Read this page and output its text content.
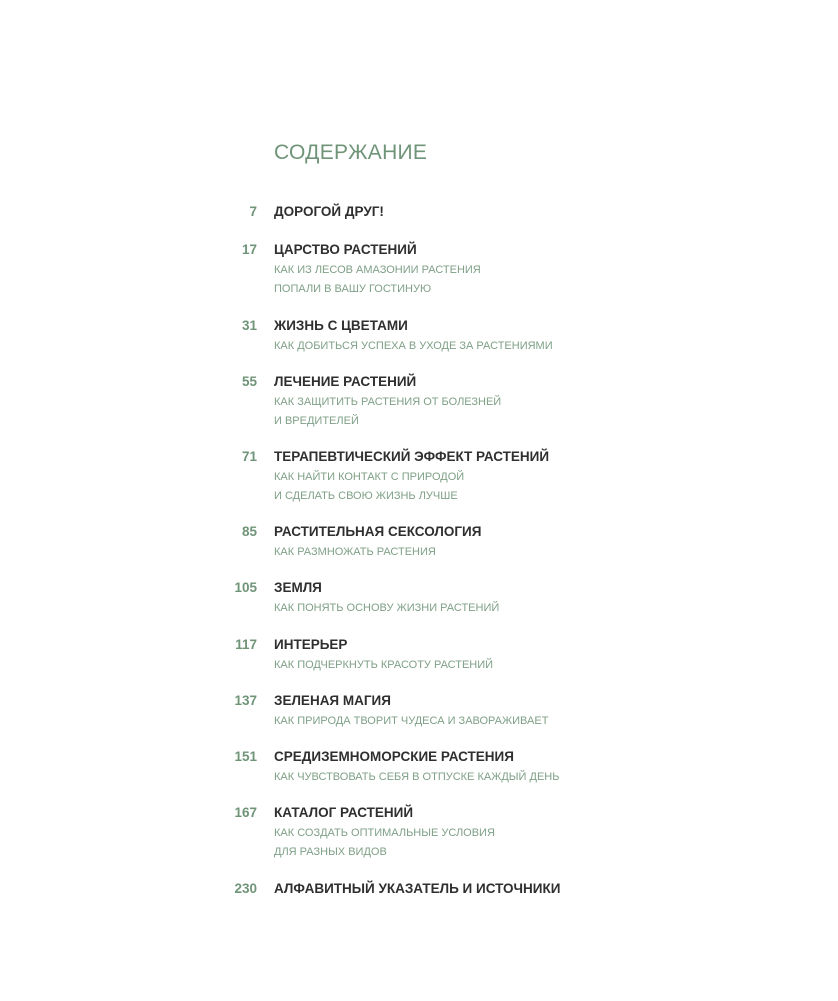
СОДЕРЖАНИЕ
7 ДОРОГОЙ ДРУГ!
17 ЦАРСТВО РАСТЕНИЙ
КАК ИЗ ЛЕСОВ АМАЗОНИИ РАСТЕНИЯ
ПОПАЛИ В ВАШУ ГОСТИНУЮ
31 ЖИЗНЬ С ЦВЕТАМИ
КАК ДОБИТЬСЯ УСПЕХА В УХОДЕ ЗА РАСТЕНИЯМИ
55 ЛЕЧЕНИЕ РАСТЕНИЙ
КАК ЗАЩИТИТЬ РАСТЕНИЯ ОТ БОЛЕЗНЕЙ
И ВРЕДИТЕЛЕЙ
71 ТЕРАПЕВТИЧЕСКИЙ ЭФФЕКТ РАСТЕНИЙ
КАК НАЙТИ КОНТАКТ С ПРИРОДОЙ
И СДЕЛАТЬ СВОЮ ЖИЗНЬ ЛУЧШЕ
85 РАСТИТЕЛЬНАЯ СЕКСОЛОГИЯ
КАК РАЗМНОЖАТЬ РАСТЕНИЯ
105 ЗЕМЛЯ
КАК ПОНЯТЬ ОСНОВУ ЖИЗНИ РАСТЕНИЙ
117 ИНТЕРЬЕР
КАК ПОДЧЕРКНУТЬ КРАСОТУ РАСТЕНИЙ
137 ЗЕЛЕНАЯ МАГИЯ
КАК ПРИРОДА ТВОРИТ ЧУДЕСА И ЗАВОРАЖИВАЕТ
151 СРЕДИЗЕМНОМОРСКИЕ РАСТЕНИЯ
КАК ЧУВСТВОВАТЬ СЕБЯ В ОТПУСКЕ КАЖДЫЙ ДЕНЬ
167 КАТАЛОГ РАСТЕНИЙ
КАК СОЗДАТЬ ОПТИМАЛЬНЫЕ УСЛОВИЯ
ДЛЯ РАЗНЫХ ВИДОВ
230 АЛФАВИТНЫЙ УКАЗАТЕЛЬ И ИСТОЧНИКИ
